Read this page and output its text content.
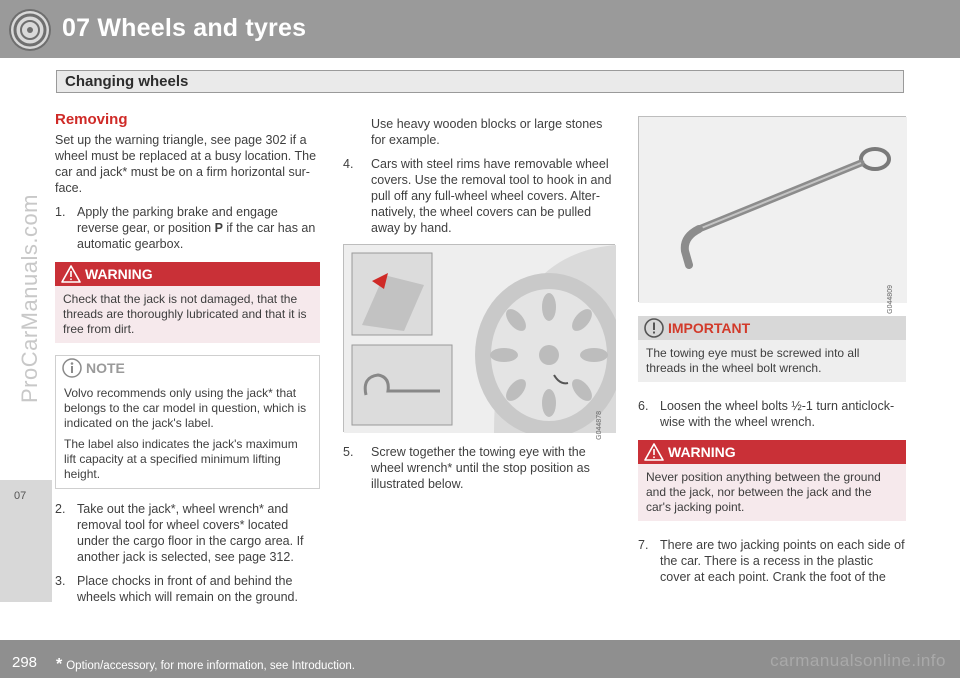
07 Wheels and tyres
Changing wheels
07
ProCarManuals.com
Removing
Set up the warning triangle, see page 302 if a wheel must be replaced at a busy location. The car and jack* must be on a firm horizontal sur-face.
1. Apply the parking brake and engage reverse gear, or position P if the car has an automatic gearbox.
WARNING
Check that the jack is not damaged, that the threads are thoroughly lubricated and that it is free from dirt.
NOTE
Volvo recommends only using the jack* that belongs to the car model in question, which is indicated on the jack's label.
The label also indicates the jack's maximum lift capacity at a specified minimum lifting height.
2. Take out the jack*, wheel wrench* and removal tool for wheel covers* located under the cargo floor in the cargo area. If another jack is selected, see page 312.
3. Place chocks in front of and behind the wheels which will remain on the ground.
Use heavy wooden blocks or large stones for example.
4.	Cars with steel rims have removable wheel covers. Use the removal tool to hook in and pull off any full-wheel wheel covers. Alter-natively, the wheel covers can be pulled away by hand.
G044878
5.	Screw together the towing eye with the wheel wrench* until the stop position as illustrated below.
G044809
IMPORTANT
The towing eye must be screwed into all threads in the wheel bolt wrench.
6. Loosen the wheel bolts ½-1 turn anticlock-wise with the wheel wrench.
WARNING
Never position anything between the ground and the jack, nor between the jack and the car's jacking point.
7. There are two jacking points on each side of the car. There is a recess in the plastic cover at each point. Crank the foot of the
298 * Option/accessory, for more information, see Introduction.	carmanualsonline.info
